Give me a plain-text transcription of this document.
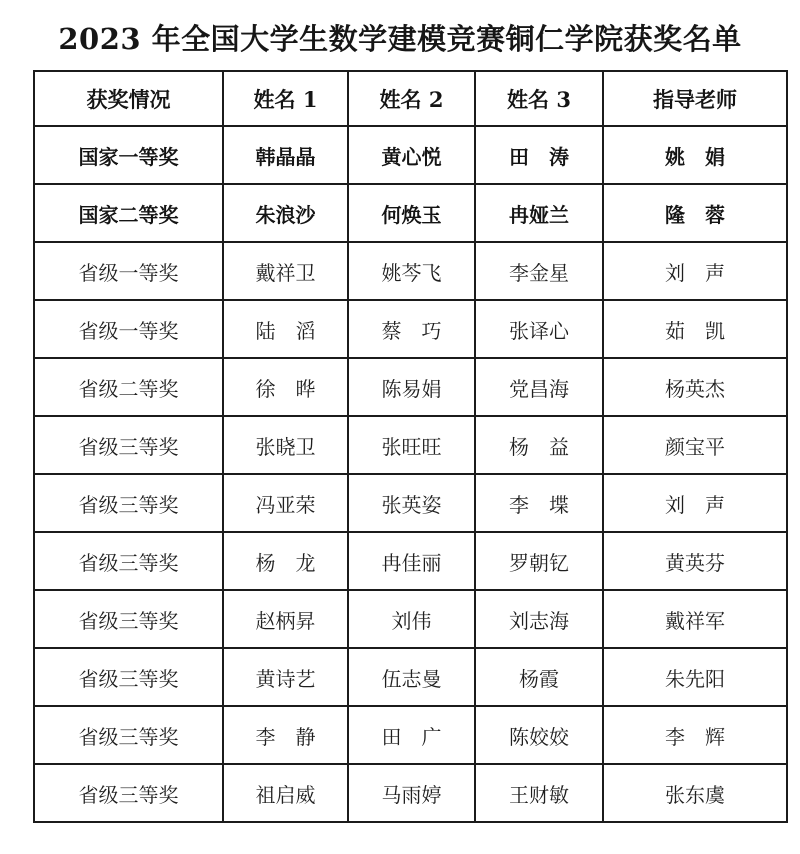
2023 年全国大学生数学建模竞赛铜仁学院获奖名单
获奖情况	姓名 1	姓名 2	姓名 3	指导老师
国家一等奖	韩晶晶	黄心悦	田　涛	姚　娟
国家二等奖	朱浪沙	何焕玉	冉娅兰	隆　蓉
省级一等奖	戴祥卫	姚芩飞	李金星	刘　声
省级一等奖	陆　滔	蔡　巧	张译心	茹　凯
省级二等奖	徐　晔	陈易娟	党昌海	杨英杰
省级三等奖	张晓卫	张旺旺	杨　益	颜宝平
省级三等奖	冯亚荣	张英姿	李　堞	刘　声
省级三等奖	杨　龙	冉佳丽	罗朝钇	黄英芬
省级三等奖	赵柄昇	刘伟	刘志海	戴祥军
省级三等奖	黄诗艺	伍志曼	杨霞	朱先阳
省级三等奖	李　静	田　广	陈姣姣	李　辉
省级三等奖	祖启威	马雨婷	王财敏	张东虞
